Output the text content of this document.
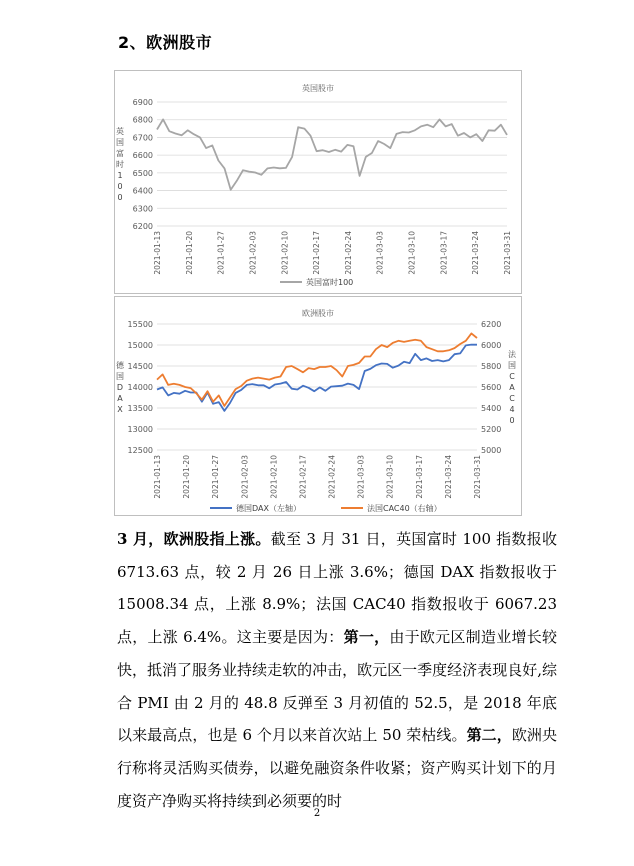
2、欧洲股市
英国股市
6200
6300
6400
6500
6600
6700
6800
6900
2021-01-13	2021-01-20	2021-01-27	2021-02-03	2021-02-10	2021-02-17	2021-02-24	2021-03-03	2021-03-10	2021-03-17	2021-03-24	2021-03-31
英国富时 1 0 0
英国富时100
欧洲股市
12500
13000
13500
14000
14500
15000
15500
5000
5200
5400
5600
5800
6000
6200
2021-01-13	2021-01-20	2021-01-27	2021-02-03	2021-02-10	2021-02-17	2021-02-24	2021-03-03	2021-03-10	2021-03-17	2021-03-24	2021-03-31
德国 D A X
法国 C A C 4 0
德国DAX（左轴）	法国CAC40（右轴）

3 月，欧洲股指上涨。截至 3 月 31 日，英国富时 100 指数报收 6713.63 点，较 2 月 26 日上涨 3.6%；德国 DAX 指数报收于 15008.34 点，上涨 8.9%；法国 CAC40 指数报收于 6067.23 点，上涨 6.4%。这主要是因为：第一，由于欧元区制造业增长较快，抵消了服务业持续走软的冲击，欧元区一季度经济表现良好,综合 PMI 由 2 月的 48.8 反弹至 3 月初值的 52.5，是 2018 年底以来最高点，也是 6 个月以来首次站上 50 荣枯线。第二，欧洲央行称将灵活购买债券，以避免融资条件收紧；资产购买计划下的月度资产净购买将持续到必须要的时

2
